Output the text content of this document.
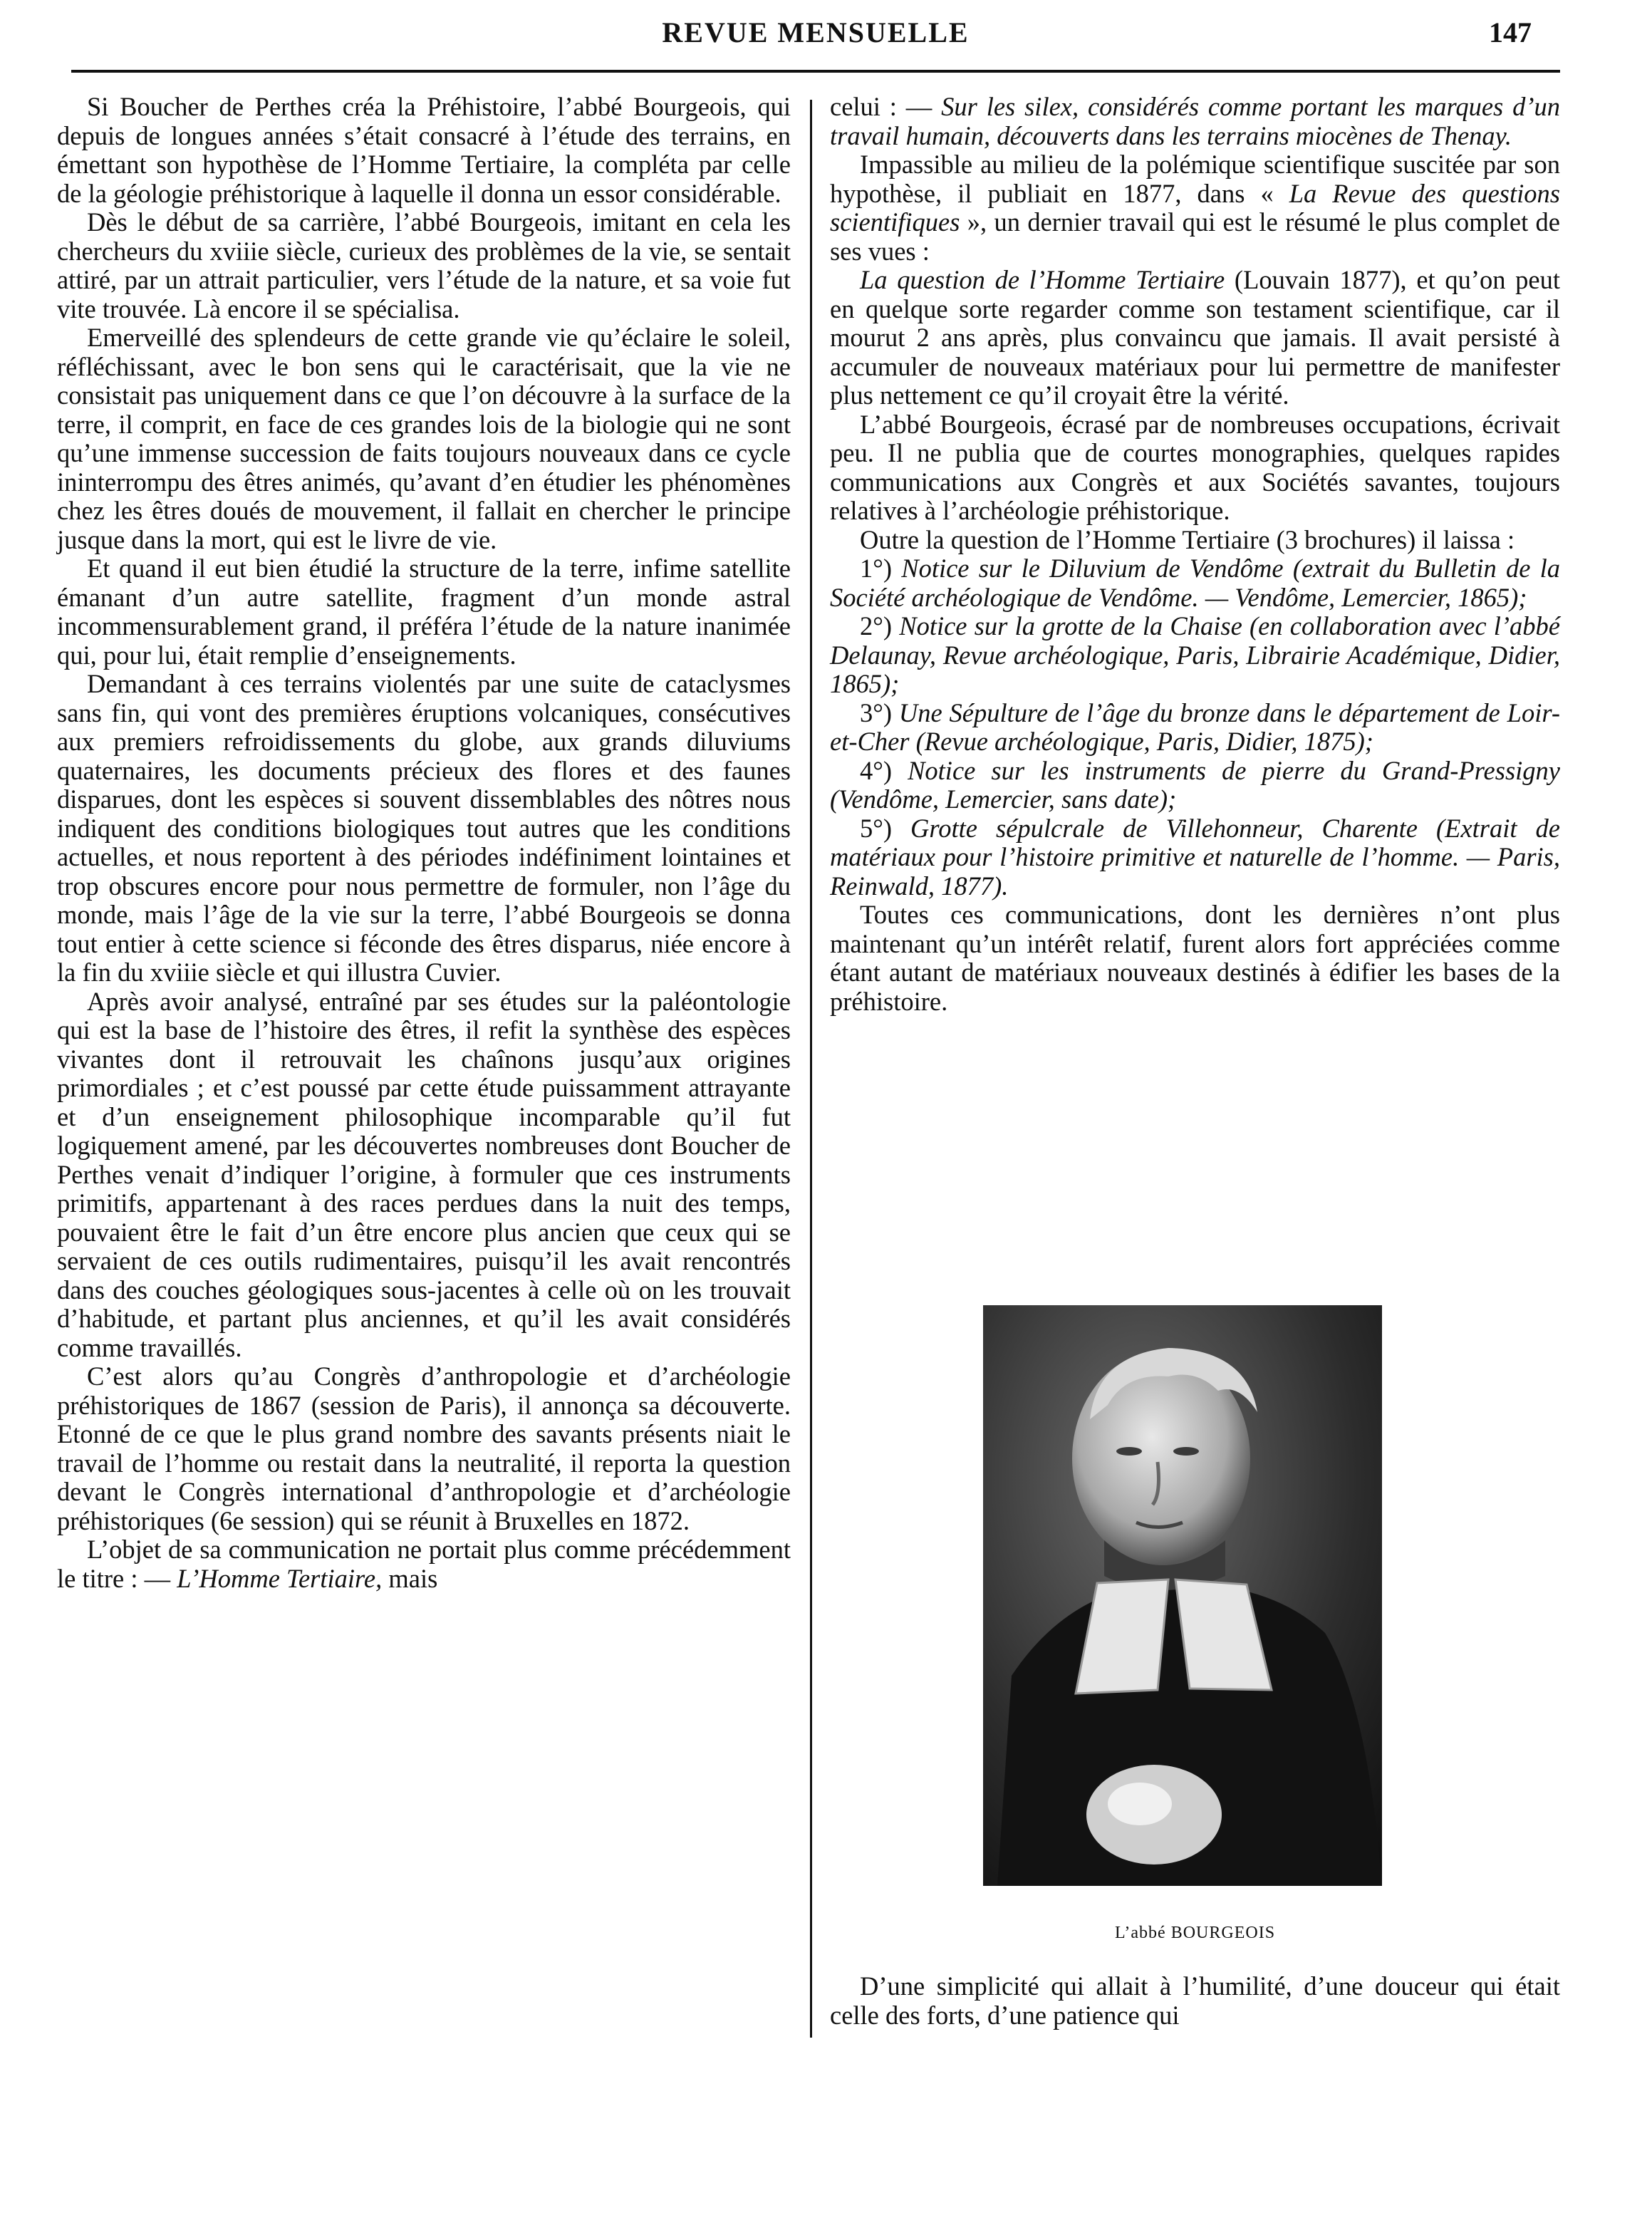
REVUE MENSUELLE	147

Si Boucher de Perthes créa la Préhistoire, l’abbé Bourgeois, qui depuis de longues années s’était consacré à l’étude des terrains, en émettant son hypothèse de l’Homme Tertiaire, la compléta par celle de la géologie préhistorique à laquelle il donna un essor considérable.

Dès le début de sa carrière, l’abbé Bourgeois, imitant en cela les chercheurs du xviiie siècle, curieux des problèmes de la vie, se sentait attiré, par un attrait particulier, vers l’étude de la nature, et sa voie fut vite trouvée. Là encore il se spécialisa.

Emerveillé des splendeurs de cette grande vie qu’éclaire le soleil, réfléchissant, avec le bon sens qui le caractérisait, que la vie ne consistait pas uniquement dans ce que l’on découvre à la surface de la terre, il comprit, en face de ces grandes lois de la biologie qui ne sont qu’une immense succession de faits toujours nouveaux dans ce cycle ininterrompu des êtres animés, qu’avant d’en étudier les phénomènes chez les êtres doués de mouvement, il fallait en chercher le principe jusque dans la mort, qui est le livre de vie.

Et quand il eut bien étudié la structure de la terre, infime satellite émanant d’un autre satellite, fragment d’un monde astral incommensurablement grand, il préféra l’étude de la nature inanimée qui, pour lui, était remplie d’enseignements.

Demandant à ces terrains violentés par une suite de cataclysmes sans fin, qui vont des premières éruptions volcaniques, consécutives aux premiers refroidissements du globe, aux grands diluviums quaternaires, les documents précieux des flores et des faunes disparues, dont les espèces si souvent dissemblables des nôtres nous indiquent des conditions biologiques tout autres que les conditions actuelles, et nous reportent à des périodes indéfiniment lointaines et trop obscures encore pour nous permettre de formuler, non l’âge du monde, mais l’âge de la vie sur la terre, l’abbé Bourgeois se donna tout entier à cette science si féconde des êtres disparus, niée encore à la fin du xviiie siècle et qui illustra Cuvier.

Après avoir analysé, entraîné par ses études sur la paléontologie qui est la base de l’histoire des êtres, il refit la synthèse des espèces vivantes dont il retrouvait les chaînons jusqu’aux origines primordiales ; et c’est poussé par cette étude puissamment attrayante et d’un enseignement philosophique incomparable qu’il fut logiquement amené, par les découvertes nombreuses dont Boucher de Perthes venait d’indiquer l’origine, à formuler que ces instruments primitifs, appartenant à des races perdues dans la nuit des temps, pouvaient être le fait d’un être encore plus ancien que ceux qui se servaient de ces outils rudimentaires, puisqu’il les avait rencontrés dans des couches géologiques sous-jacentes à celle où on les trouvait d’habitude, et partant plus anciennes, et qu’il les avait considérés comme travaillés.

C’est alors qu’au Congrès d’anthropologie et d’archéologie préhistoriques de 1867 (session de Paris), il annonça sa découverte. Etonné de ce que le plus grand nombre des savants présents niait le travail de l’homme ou restait dans la neutralité, il reporta la question devant le Congrès international d’anthropologie et d’archéologie préhistoriques (6e session) qui se réunit à Bruxelles en 1872.

L’objet de sa communication ne portait plus comme précédemment le titre : — L’Homme Tertiaire, mais

celui : — Sur les silex, considérés comme portant les marques d’un travail humain, découverts dans les terrains miocènes de Thenay.

Impassible au milieu de la polémique scientifique suscitée par son hypothèse, il publiait en 1877, dans « La Revue des questions scientifiques », un dernier travail qui est le résumé le plus complet de ses vues :

La question de l’Homme Tertiaire (Louvain 1877), et qu’on peut en quelque sorte regarder comme son testament scientifique, car il mourut 2 ans après, plus convaincu que jamais. Il avait persisté à accumuler de nouveaux matériaux pour lui permettre de manifester plus nettement ce qu’il croyait être la vérité.

L’abbé Bourgeois, écrasé par de nombreuses occupations, écrivait peu. Il ne publia que de courtes monographies, quelques rapides communications aux Congrès et aux Sociétés savantes, toujours relatives à l’archéologie préhistorique.

Outre la question de l’Homme Tertiaire (3 brochures) il laissa :

1°) Notice sur le Diluvium de Vendôme (extrait du Bulletin de la Société archéologique de Vendôme. — Vendôme, Lemercier, 1865);

2°) Notice sur la grotte de la Chaise (en collaboration avec l’abbé Delaunay, Revue archéologique, Paris, Librairie Académique, Didier, 1865);

3°) Une Sépulture de l’âge du bronze dans le département de Loir-et-Cher (Revue archéologique, Paris, Didier, 1875);

4°) Notice sur les instruments de pierre du Grand-Pressigny (Vendôme, Lemercier, sans date);

5°) Grotte sépulcrale de Villehonneur, Charente (Extrait de matériaux pour l’histoire primitive et naturelle de l’homme. — Paris, Reinwald, 1877).

Toutes ces communications, dont les dernières n’ont plus maintenant qu’un intérêt relatif, furent alors fort appréciées comme étant autant de matériaux nouveaux destinés à édifier les bases de la préhistoire.

L’abbé BOURGEOIS

D’une simplicité qui allait à l’humilité, d’une douceur qui était celle des forts, d’une patience qui
